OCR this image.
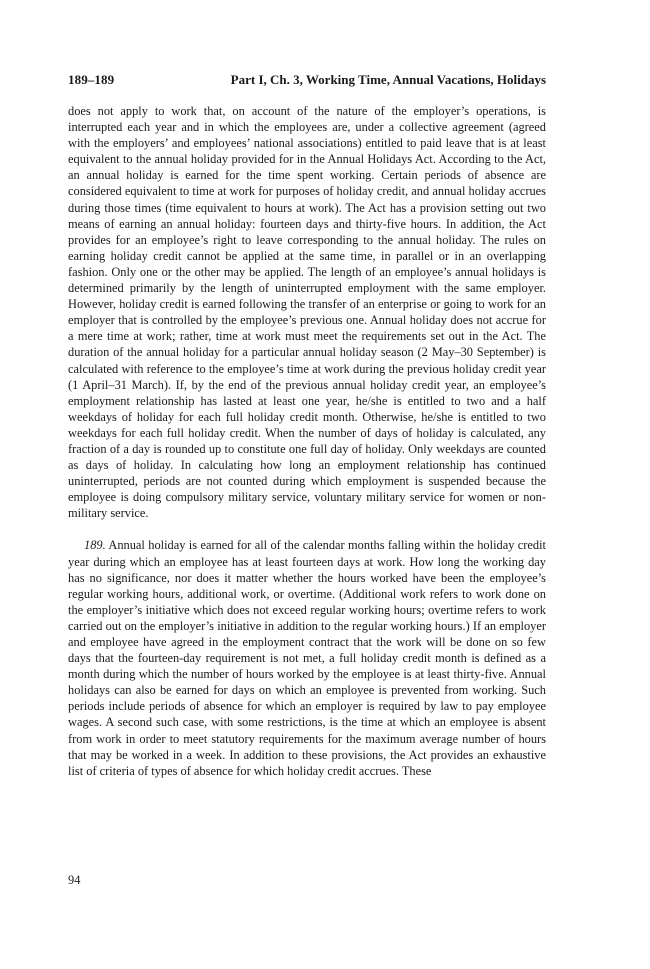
189–189	Part I, Ch. 3, Working Time, Annual Vacations, Holidays

does not apply to work that, on account of the nature of the employer’s operations, is interrupted each year and in which the employees are, under a collective agreement (agreed with the employers’ and employees’ national associations) entitled to paid leave that is at least equivalent to the annual holiday provided for in the Annual Holidays Act. According to the Act, an annual holiday is earned for the time spent working. Certain periods of absence are considered equivalent to time at work for purposes of holiday credit, and annual holiday accrues during those times (time equivalent to hours at work). The Act has a provision setting out two means of earning an annual holiday: fourteen days and thirty-five hours. In addition, the Act provides for an employee’s right to leave corresponding to the annual holiday. The rules on earning holiday credit cannot be applied at the same time, in parallel or in an overlapping fashion. Only one or the other may be applied. The length of an employee’s annual holidays is determined primarily by the length of uninterrupted employment with the same employer. However, holiday credit is earned following the transfer of an enterprise or going to work for an employer that is controlled by the employee’s previous one. Annual holiday does not accrue for a mere time at work; rather, time at work must meet the requirements set out in the Act. The duration of the annual holiday for a particular annual holiday season (2 May–30 September) is calculated with reference to the employee’s time at work during the previous holiday credit year (1 April–31 March). If, by the end of the previous annual holiday credit year, an employee’s employment relationship has lasted at least one year, he/she is entitled to two and a half weekdays of holiday for each full holiday credit month. Otherwise, he/she is entitled to two weekdays for each full holiday credit. When the number of days of holiday is calculated, any fraction of a day is rounded up to constitute one full day of holiday. Only weekdays are counted as days of holiday. In calculating how long an employment relationship has continued uninterrupted, periods are not counted during which employment is suspended because the employee is doing compulsory military service, voluntary military service for women or non-military service.

189. Annual holiday is earned for all of the calendar months falling within the holiday credit year during which an employee has at least fourteen days at work. How long the working day has no significance, nor does it matter whether the hours worked have been the employee’s regular working hours, additional work, or overtime. (Additional work refers to work done on the employer’s initiative which does not exceed regular working hours; overtime refers to work carried out on the employer’s initiative in addition to the regular working hours.) If an employer and employee have agreed in the employment contract that the work will be done on so few days that the fourteen-day requirement is not met, a full holiday credit month is defined as a month during which the number of hours worked by the employee is at least thirty-five. Annual holidays can also be earned for days on which an employee is prevented from working. Such periods include periods of absence for which an employer is required by law to pay employee wages. A second such case, with some restrictions, is the time at which an employee is absent from work in order to meet statutory requirements for the maximum average number of hours that may be worked in a week. In addition to these provisions, the Act provides an exhaustive list of criteria of types of absence for which holiday credit accrues. These

94
